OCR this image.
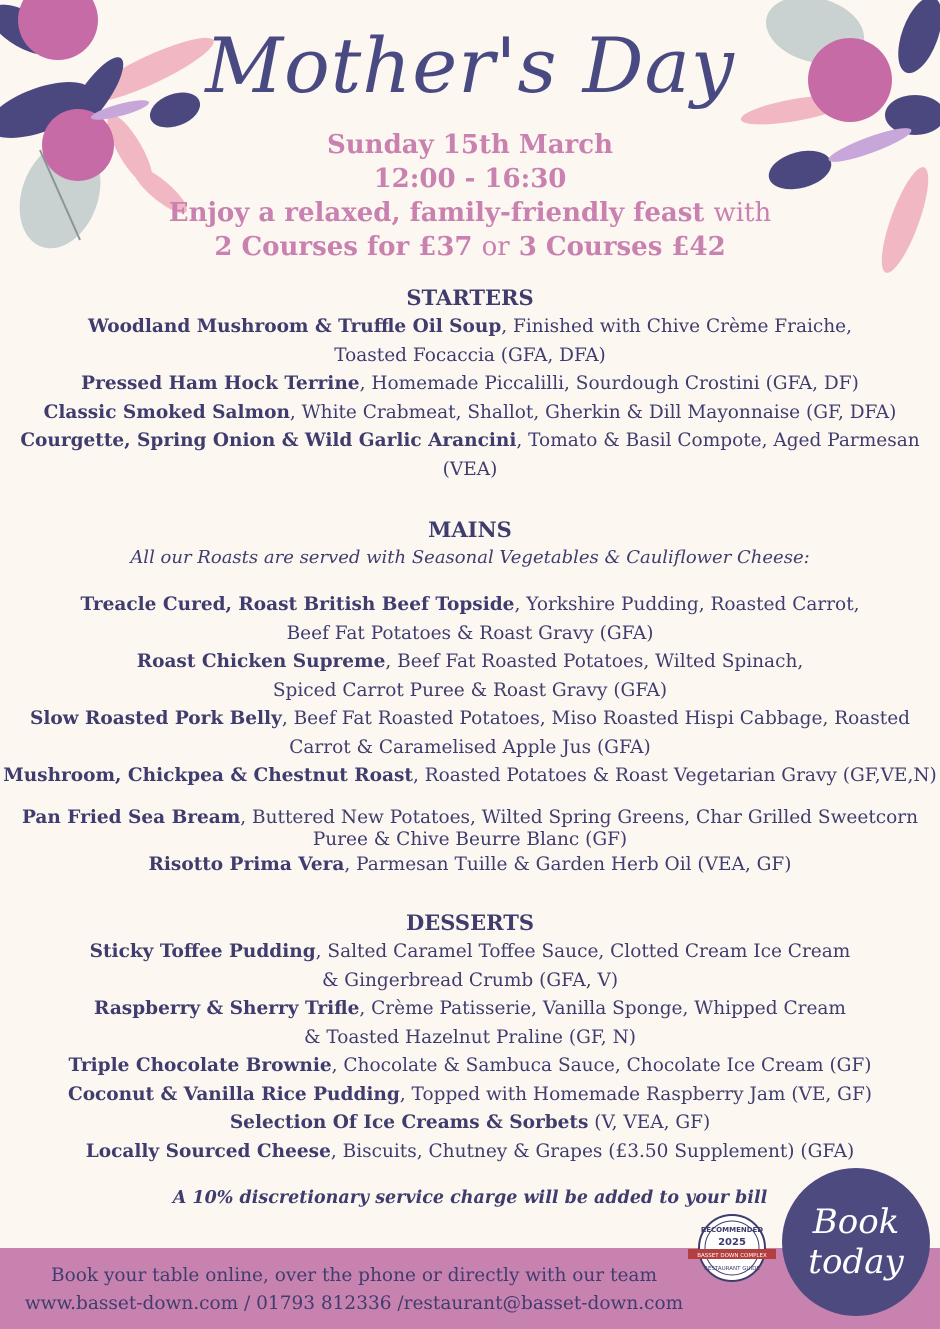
Mother's Day
Sunday 15th March
12:00 - 16:30
Enjoy a relaxed, family-friendly feast with
2 Courses for £37 or 3 Courses £42
STARTERS
Woodland Mushroom & Truffle Oil Soup, Finished with Chive Crème Fraiche,
Toasted Focaccia (GFA, DFA)
Pressed Ham Hock Terrine, Homemade Piccalilli, Sourdough Crostini (GFA, DF)
Classic Smoked Salmon, White Crabmeat, Shallot, Gherkin & Dill Mayonnaise (GF, DFA)
Courgette, Spring Onion & Wild Garlic Arancini, Tomato & Basil Compote, Aged Parmesan
(VEA)
MAINS
All our Roasts are served with Seasonal Vegetables & Cauliflower Cheese:
Treacle Cured, Roast British Beef Topside, Yorkshire Pudding, Roasted Carrot,
Beef Fat Potatoes & Roast Gravy (GFA)
Roast Chicken Supreme, Beef Fat Roasted Potatoes, Wilted Spinach,
Spiced Carrot Puree & Roast Gravy (GFA)
Slow Roasted Pork Belly, Beef Fat Roasted Potatoes, Miso Roasted Hispi Cabbage, Roasted
Carrot & Caramelised Apple Jus (GFA)
Mushroom, Chickpea & Chestnut Roast, Roasted Potatoes & Roast Vegetarian Gravy (GF,VE,N)
Pan Fried Sea Bream, Buttered New Potatoes, Wilted Spring Greens, Char Grilled Sweetcorn
Puree & Chive Beurre Blanc (GF)
Risotto Prima Vera, Parmesan Tuille & Garden Herb Oil (VEA, GF)
DESSERTS
Sticky Toffee Pudding, Salted Caramel Toffee Sauce, Clotted Cream Ice Cream
& Gingerbread Crumb (GFA, V)
Raspberry & Sherry Trifle, Crème Patisserie, Vanilla Sponge, Whipped Cream
& Toasted Hazelnut Praline (GF, N)
Triple Chocolate Brownie, Chocolate & Sambuca Sauce, Chocolate Ice Cream (GF)
Coconut & Vanilla Rice Pudding, Topped with Homemade Raspberry Jam (VE, GF)
Selection Of Ice Creams & Sorbets (V, VEA, GF)
Locally Sourced Cheese, Biscuits, Chutney & Grapes (£3.50 Supplement) (GFA)
A 10% discretionary service charge will be added to your bill
Book your table online, over the phone or directly with our team
www.basset-down.com / 01793 812336 /restaurant@basset-down.com
RECOMMENDED
2025
BASSET DOWN COMPLEX
RESTAURANT GUIDE
Book
today
